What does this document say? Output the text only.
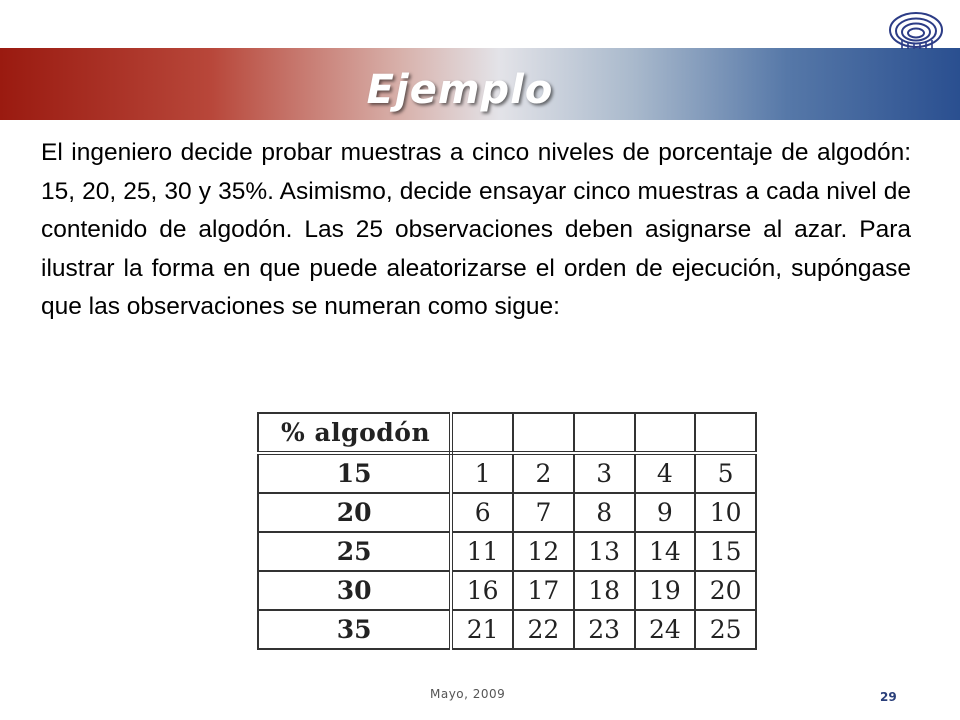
Ejemplo

El ingeniero decide probar muestras a cinco niveles de porcentaje de algodón: 15, 20, 25, 30 y 35%. Asimismo, decide ensayar cinco muestras a cada nivel de contenido de algodón. Las 25 observaciones deben asignarse al azar. Para ilustrar la forma en que puede aleatorizarse el orden de ejecución, supóngase que las observaciones se numeran como sigue:

% algodón					
15	1	2	3	4	5
20	6	7	8	9	10
25	11	12	13	14	15
30	16	17	18	19	20
35	21	22	23	24	25
Mayo, 2009	29
